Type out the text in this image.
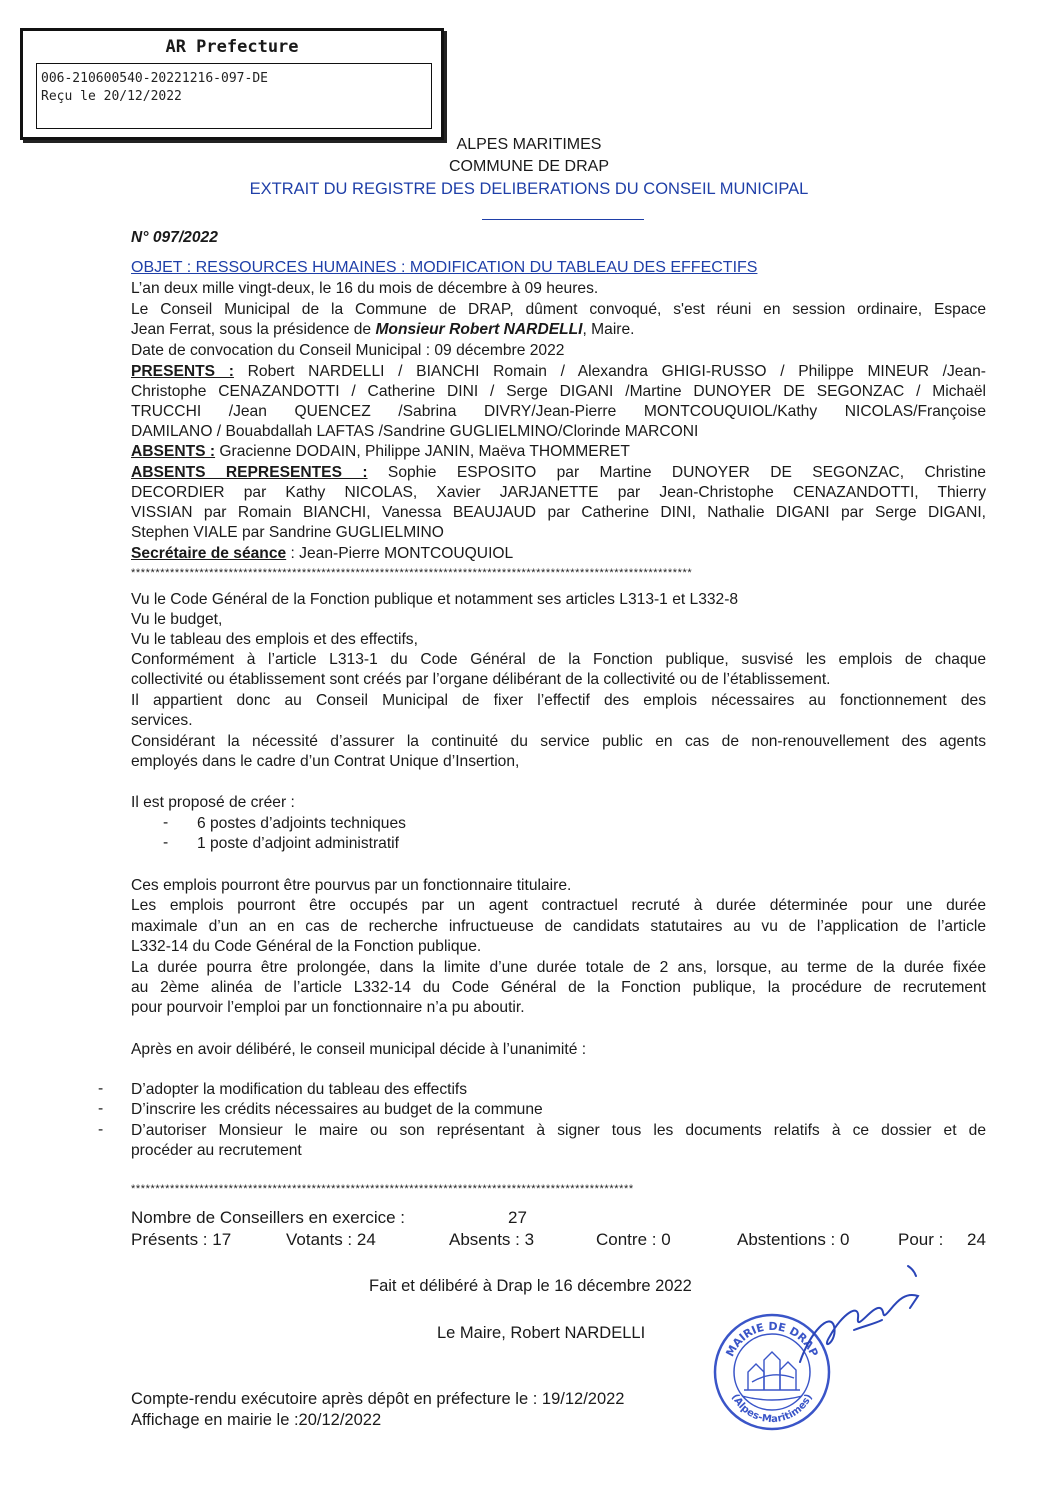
AR Prefecture
006-210600540-20221216-097-DE
Reçu le 20/12/2022
ALPES MARITIMES
COMMUNE DE DRAP
EXTRAIT DU REGISTRE DES DELIBERATIONS DU CONSEIL MUNICIPAL
N° 097/2022
OBJET : RESSOURCES HUMAINES : MODIFICATION DU TABLEAU DES EFFECTIFS
L’an deux mille vingt-deux, le 16 du mois de décembre à 09 heures.
Le Conseil Municipal de la Commune de DRAP, dûment convoqué, s'est réuni en session ordinaire, Espace
Jean Ferrat, sous la présidence de Monsieur Robert NARDELLI, Maire.
Date de convocation du Conseil Municipal : 09 décembre 2022
PRESENTS : Robert NARDELLI / BIANCHI Romain / Alexandra GHIGI-RUSSO / Philippe MINEUR /Jean-
Christophe CENAZANDOTTI / Catherine DINI / Serge DIGANI /Martine DUNOYER DE SEGONZAC / Michaël
TRUCCHI /Jean QUENCEZ /Sabrina DIVRY/Jean-Pierre MONTCOUQUIOL/Kathy NICOLAS/Françoise
DAMILANO / Bouabdallah LAFTAS /Sandrine GUGLIELMINO/Clorinde MARCONI
ABSENTS : Gracienne DODAIN, Philippe JANIN, Maëva THOMMERET
ABSENTS REPRESENTES : Sophie ESPOSITO par Martine DUNOYER DE SEGONZAC, Christine
DECORDIER par Kathy NICOLAS, Xavier JARJANETTE par Jean-Christophe CENAZANDOTTI, Thierry
VISSIAN par Romain BIANCHI, Vanessa BEAUJAUD par Catherine DINI, Nathalie DIGANI par Serge DIGANI,
Stephen VIALE par Sandrine GUGLIELMINO
Secrétaire de séance : Jean-Pierre MONTCOUQUIOL
*******************************************************************************************************************
Vu le Code Général de la Fonction publique et notamment ses articles L313-1 et L332-8
Vu le budget,
Vu le tableau des emplois et des effectifs,
Conformément à l’article L313-1 du Code Général de la Fonction publique, susvisé les emplois de chaque
collectivité ou établissement sont créés par l’organe délibérant de la collectivité ou de l’établissement.
Il appartient donc au Conseil Municipal de fixer l’effectif des emplois nécessaires au fonctionnement des
services.
Considérant la nécessité d’assurer la continuité du service public en cas de non-renouvellement des agents
employés dans le cadre d’un Contrat Unique d’Insertion,
Il est proposé de créer :
- 6 postes d’adjoints techniques
- 1 poste d’adjoint administratif
Ces emplois pourront être pourvus par un fonctionnaire titulaire.
Les emplois pourront être occupés par un agent contractuel recruté à durée déterminée pour une durée
maximale d’un an en cas de recherche infructueuse de candidats statutaires au vu de l’application de l’article
L332-14 du Code Général de la Fonction publique.
La durée pourra être prolongée, dans la limite d’une durée totale de 2 ans, lorsque, au terme de la durée fixée
au 2ème alinéa de l’article L332-14 du Code Général de la Fonction publique, la procédure de recrutement
pour pourvoir l’emploi par un fonctionnaire n’a pu aboutir.
Après en avoir délibéré, le conseil municipal décide à l’unanimité :
- D’adopter la modification du tableau des effectifs
- D’inscrire les crédits nécessaires au budget de la commune
- D’autoriser Monsieur le maire ou son représentant à signer tous les documents relatifs à ce dossier et de
procéder au recrutement
*******************************************************************************************************
Nombre de Conseillers en exercice :	27
Présents : 17	Votants : 24	Absents : 3	Contre : 0	Abstentions : 0	Pour : 24
Fait et délibéré à Drap le 16 décembre 2022
Le Maire, Robert NARDELLI
Compte-rendu exécutoire après dépôt en préfecture le : 19/12/2022
Affichage en mairie le :20/12/2022
MAIRIE DE DRAP
(Alpes-Maritimes)
